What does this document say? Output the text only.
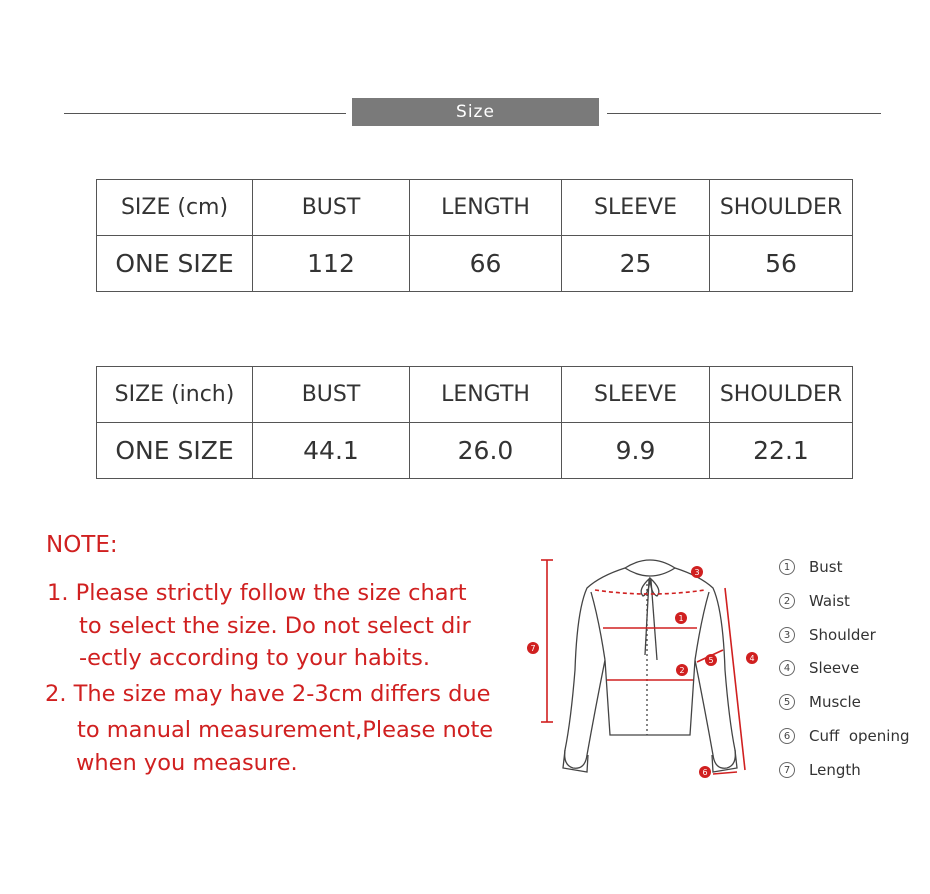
Size
SIZE (cm)	BUST	LENGTH	SLEEVE	SHOULDER
ONE SIZE	112	66	25	56
SIZE (inch)	BUST	LENGTH	SLEEVE	SHOULDER
ONE SIZE	44.1	26.0	9.9	22.1
NOTE:
1. Please strictly follow the size chart
to select the size. Do not select dir
-ectly according to your habits.
2. The size may have 2-3cm differs due
to manual measurement,Please note
when you measure.
7
3
1
2
5	4
6
1	Bust
2	Waist
3	Shoulder
4	Sleeve
5	Muscle
6	Cuff  opening
7	Length
